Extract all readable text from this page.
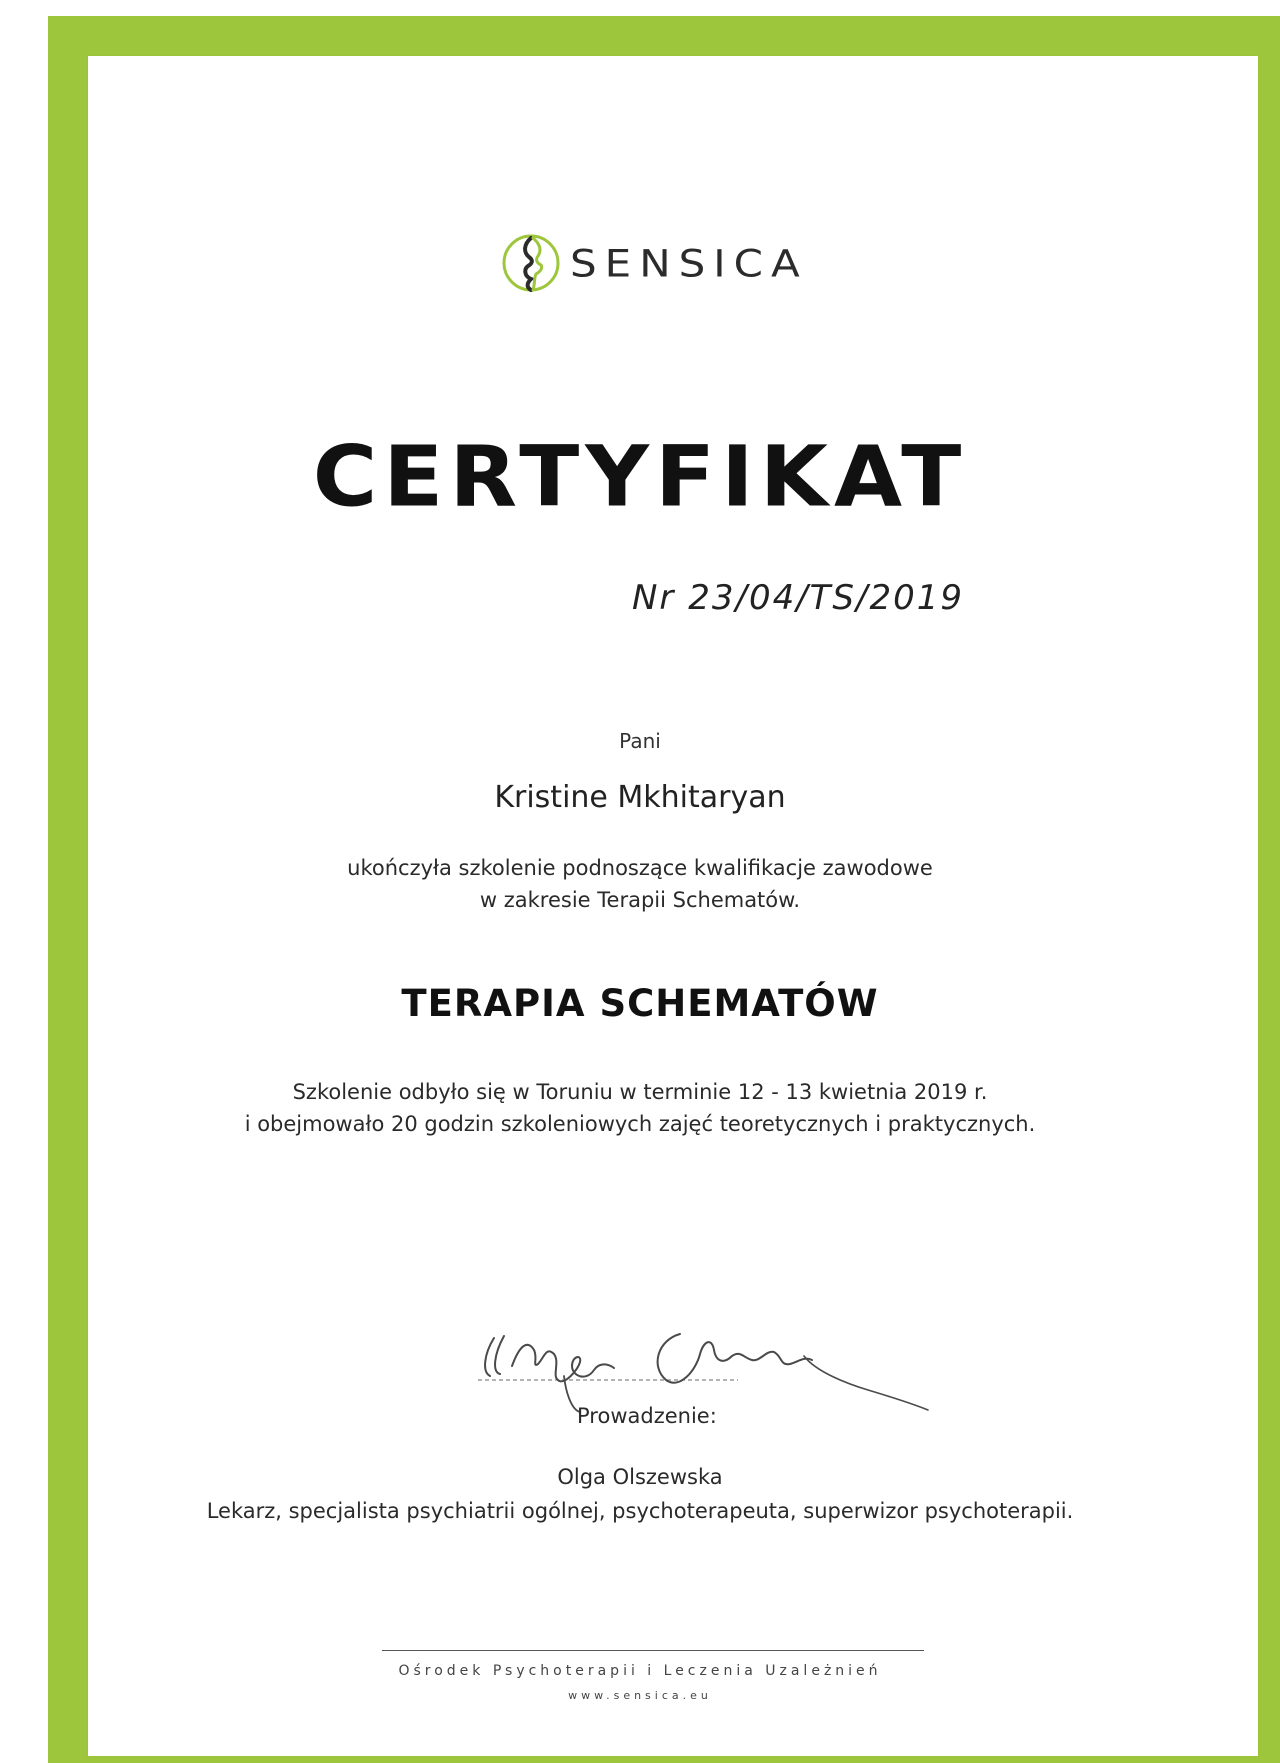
SENSICA
CERTYFIKAT
Nr 23/04/TS/2019
Pani
Kristine Mkhitaryan
ukończyła szkolenie podnoszące kwalifikacje zawodowe
w zakresie Terapii Schematów.
TERAPIA SCHEMATÓW
Szkolenie odbyło się w Toruniu w terminie 12 - 13 kwietnia 2019 r.
i obejmowało 20 godzin szkoleniowych zajęć teoretycznych i praktycznych.
Prowadzenie:
Olga Olszewska
Lekarz, specjalista psychiatrii ogólnej, psychoterapeuta, superwizor psychoterapii.
Ośrodek Psychoterapii i Leczenia Uzależnień
www.sensica.eu
